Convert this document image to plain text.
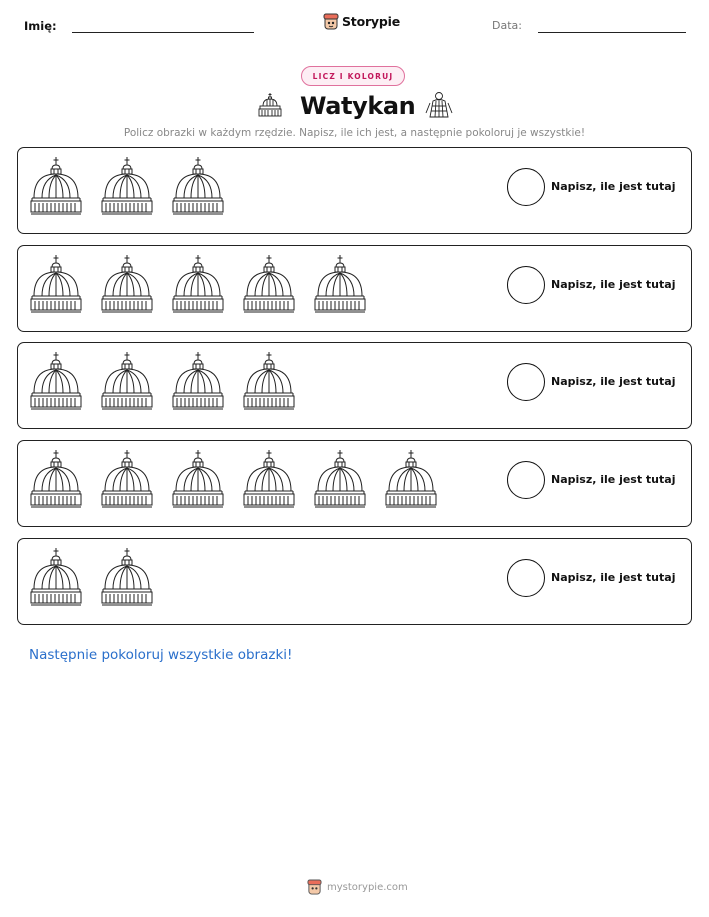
Imię:	Storypie	Data:
LICZ I KOLORUJ
Watykan
Policz obrazki w każdym rzędzie. Napisz, ile ich jest, a następnie pokoloruj je wszystkie!
Napisz, ile jest tutaj
Napisz, ile jest tutaj
Napisz, ile jest tutaj
Napisz, ile jest tutaj
Napisz, ile jest tutaj
Następnie pokoloruj wszystkie obrazki!
mystorypie.com
